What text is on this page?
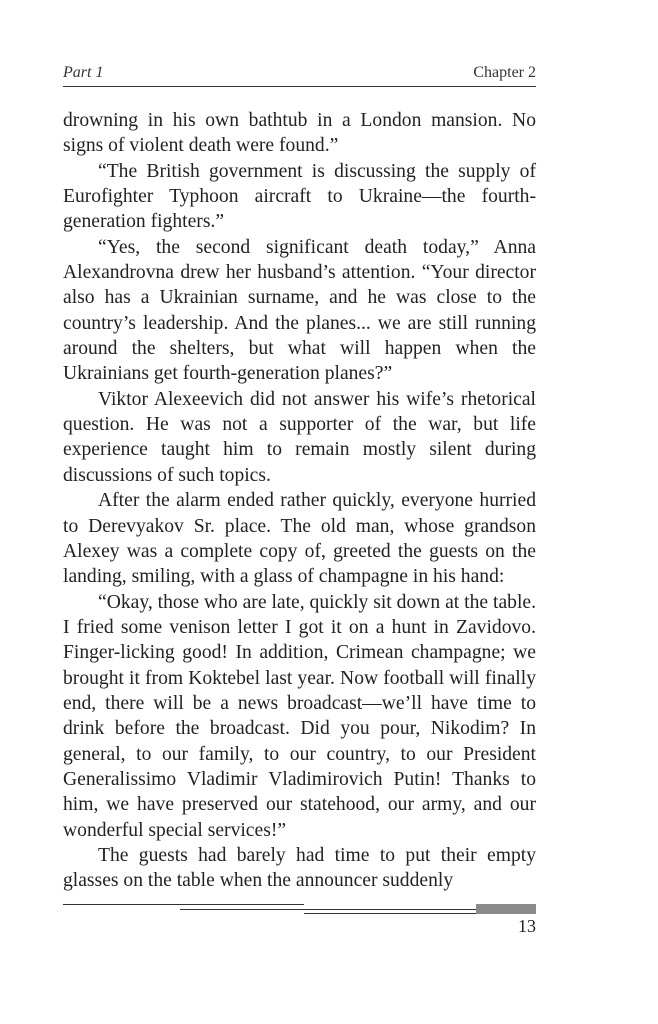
Part 1	Chapter 2

drowning in his own bathtub in a London mansion. No signs of violent death were found.”

“The British government is discussing the supply of Eurofighter Typhoon aircraft to Ukraine—the fourth-generation fighters.”

“Yes, the second significant death today,” Anna Alexandrovna drew her husband’s attention. “Your director also has a Ukrainian surname, and he was close to the country’s leadership. And the planes... we are still running around the shelters, but what will happen when the Ukrainians get fourth-generation planes?”

Viktor Alexeevich did not answer his wife’s rhetorical question. He was not a supporter of the war, but life experience taught him to remain mostly silent during discussions of such topics.

After the alarm ended rather quickly, everyone hurried to Derevyakov Sr. place. The old man, whose grandson Alexey was a complete copy of, greeted the guests on the landing, smiling, with a glass of champagne in his hand:

“Okay, those who are late, quickly sit down at the table. I fried some venison letter I got it on a hunt in Zavidovo. Finger-licking good! In addition, Crimean champagne; we brought it from Koktebel last year. Now football will finally end, there will be a news broadcast—we’ll have time to drink before the broadcast. Did you pour, Nikodim? In general, to our family, to our country, to our President Generalissimo Vladimir Vladimirovich Putin! Thanks to him, we have preserved our statehood, our army, and our wonderful special services!”

The guests had barely had time to put their empty glasses on the table when the announcer suddenly

13
